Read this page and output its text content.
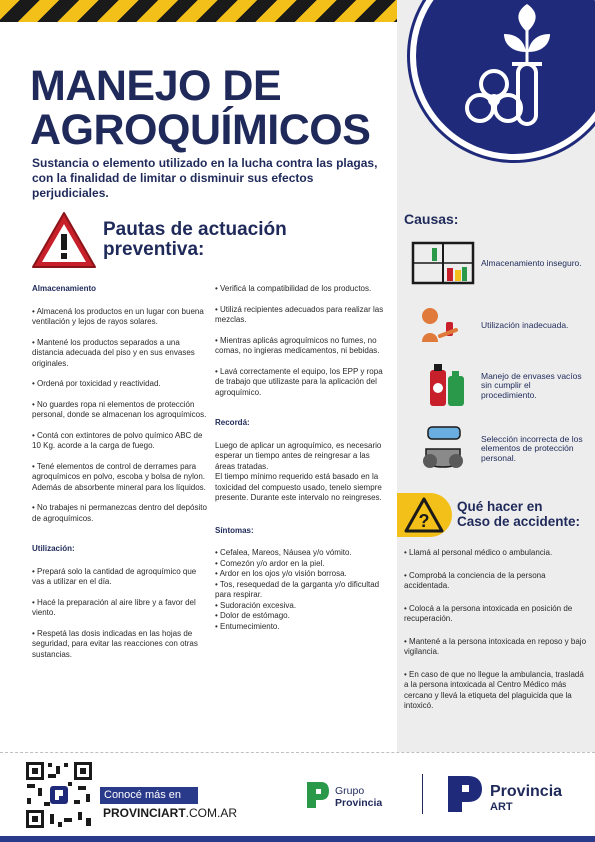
MANEJO DE
AGROQUÍMICOS
Sustancia o elemento utilizado en la lucha contra las plagas, con la finalidad de limitar o disminuir sus efectos perjudiciales.
Pautas de actuación
preventiva:
Almacenamiento

• Almacená los productos en un lugar con buena ventilación y lejos de rayos solares.

• Mantené los productos separados a una distancia adecuada del piso y en sus envases originales.

• Ordená por toxicidad y reactividad.

• No guardes ropa ni elementos de protección personal, donde se almacenan los agroquímicos.

• Contá con extintores de polvo químico ABC de 10 Kg. acorde a la carga de fuego.

• Tené elementos de control de derrames para agroquímicos en polvo, escoba y bolsa de nylon. Además de absorbente mineral para los líquidos.

• No trabajes ni permanezcas dentro del depósito de agroquímicos.

Utilización:

• Prepará solo la cantidad de agroquímico que vas a utilizar en el día.

• Hacé la preparación al aire libre y a favor del viento.

• Respetá las dosis indicadas en las hojas de seguridad, para evitar las reacciones con otras sustancias.

• Verificá la compatibilidad de los productos.

• Utilizá recipientes adecuados para realizar las mezclas.

• Mientras aplicás agroquímicos no fumes, no comas, no ingieras medicamentos, ni bebidas.

• Lavá correctamente el equipo, los EPP y ropa de trabajo que utilizaste para la aplicación del agroquímico.

Recordá:

Luego de aplicar un agroquímico, es necesario esperar un tiempo antes de reingresar a las áreas tratadas.

El tiempo mínimo requerido está basado en la toxicidad del compuesto usado, tenelo siempre presente. Durante este intervalo no reingreses.

Síntomas:

• Cefalea, Mareos, Náusea y/o vómito.

• Comezón y/o ardor en la piel.

• Ardor en los ojos y/o visión borrosa.

• Tos, resequedad de la garganta y/o dificultad para respirar.

• Sudoración excesiva.

• Dolor de estómago.

• Entumecimiento.

Causas:
Almacenamiento inseguro.
Utilización inadecuada.
Manejo de envases vacíos sin cumplir el procedimiento.
Selección incorrecta de los elementos de protección personal.
?
Qué hacer en
Caso de accidente:

• Llamá al personal médico o ambulancia.

• Comprobá la conciencia de la persona accidentada.

• Colocá a la persona intoxicada en posición de recuperación.

• Mantené a la persona intoxicada en reposo y bajo vigilancia.

• En caso de que no llegue la ambulancia, trasladá a la persona intoxicada al Centro Médico más cercano y llevá la etiqueta del plaguicida que la intoxicó.

Conocé más en
PROVINCIART.COM.AR
Grupo
Provincia
Provincia
ART
